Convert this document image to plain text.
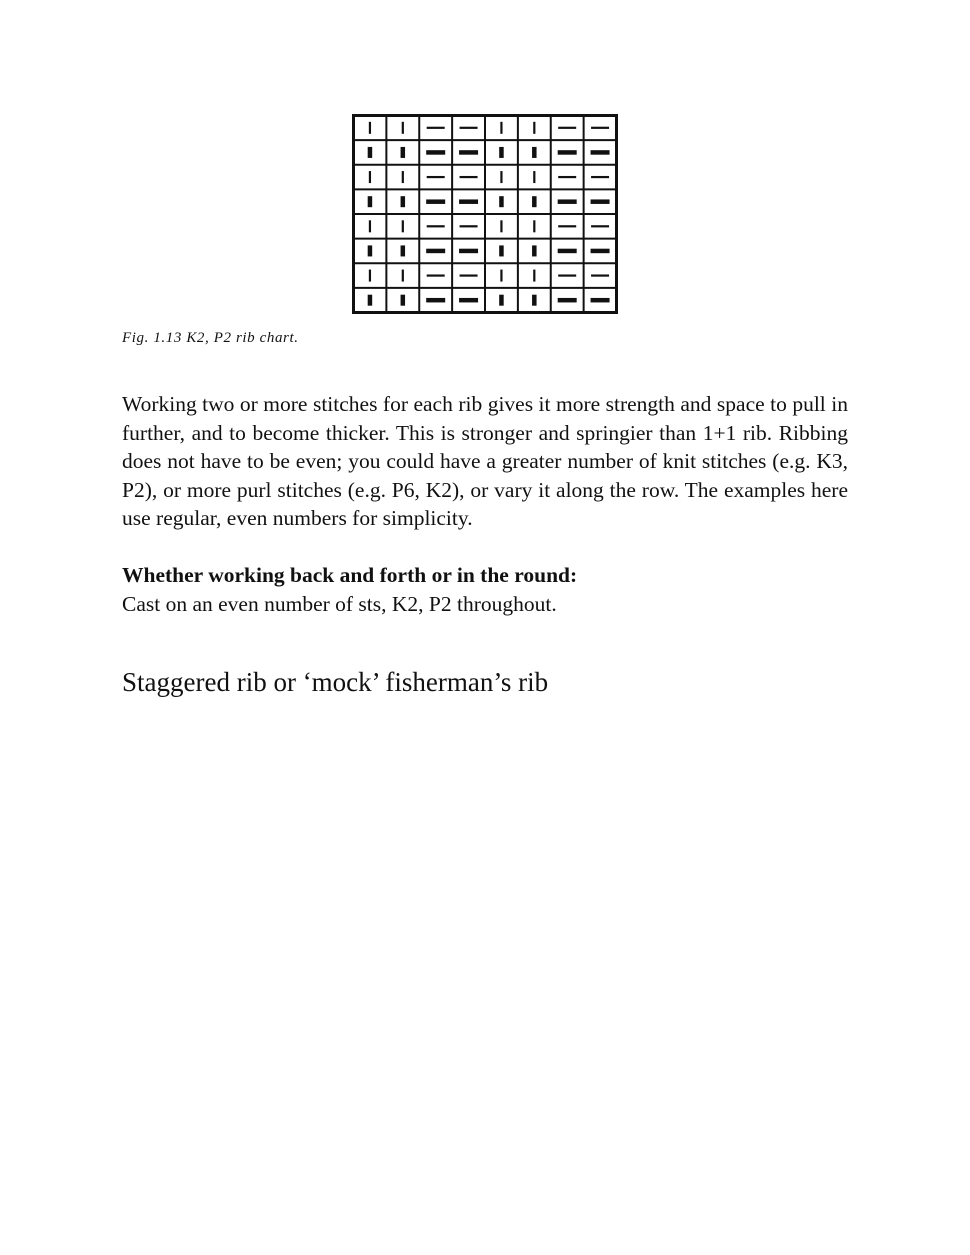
Fig. 1.13 K2, P2 rib chart.

Working two or more stitches for each rib gives it more strength and space to pull in further, and to become thicker. This is stronger and springier than 1+1 rib. Ribbing does not have to be even; you could have a greater number of knit stitches (e.g. K3, P2), or more purl stitches (e.g. P6, K2), or vary it along the row. The examples here use regular, even numbers for simplicity.

Whether working back and forth or in the round:
Cast on an even number of sts, K2, P2 throughout.
Staggered rib or ‘mock’ fisherman’s rib
